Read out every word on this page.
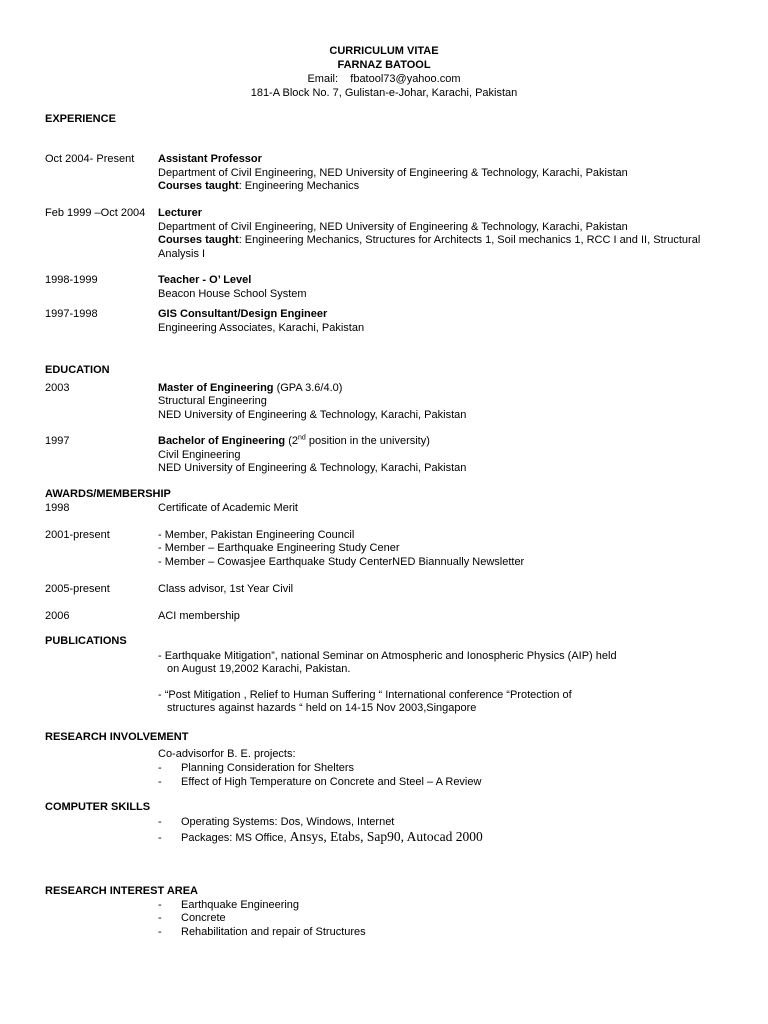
CURRICULUM VITAE
FARNAZ BATOOL
Email: fbatool73@yahoo.com
181-A Block No. 7, Gulistan-e-Johar, Karachi, Pakistan
EXPERIENCE
Oct 2004- Present Assistant Professor
Department of Civil Engineering, NED University of Engineering & Technology, Karachi, Pakistan
Courses taught: Engineering Mechanics
Feb 1999 –Oct 2004 Lecturer
Department of Civil Engineering, NED University of Engineering & Technology, Karachi, Pakistan
Courses taught: Engineering Mechanics, Structures for Architects 1, Soil mechanics 1, RCC I and II, Structural
Analysis I
1998-1999	Teacher - O’ Level
Beacon House School System
1997-1998	GIS Consultant/Design Engineer
Engineering Associates, Karachi, Pakistan
EDUCATION
2003	Master of Engineering (GPA 3.6/4.0)
Structural Engineering
NED University of Engineering & Technology, Karachi, Pakistan
1997	Bachelor of Engineering (2nd position in the university)
Civil Engineering
NED University of Engineering & Technology, Karachi, Pakistan
AWARDS/MEMBERSHIP
1998	Certificate of Academic Merit
2001-present	- Member, Pakistan Engineering Council
- Member – Earthquake Engineering Study Cener
- Member – Cowasjee Earthquake Study CenterNED Biannually Newsletter
2005-present	Class advisor, 1st Year Civil
2006	ACI membership
PUBLICATIONS
- Earthquake Mitigation”, national Seminar on Atmospheric and Ionospheric Physics (AIP) held
on August 19,2002 Karachi, Pakistan.
- “Post Mitigation , Relief to Human Suffering “ International conference “Protection of
structures against hazards “ held on 14-15 Nov 2003,Singapore
RESEARCH INVOLVEMENT
Co-advisorfor B. E. projects:
- Planning Consideration for Shelters
- Effect of High Temperature on Concrete and Steel – A Review
COMPUTER SKILLS
- Operating Systems: Dos, Windows, Internet
- Packages: MS Office, Ansys, Etabs, Sap90, Autocad 2000
RESEARCH INTEREST AREA
- Earthquake Engineering
- Concrete
- Rehabilitation and repair of Structures
